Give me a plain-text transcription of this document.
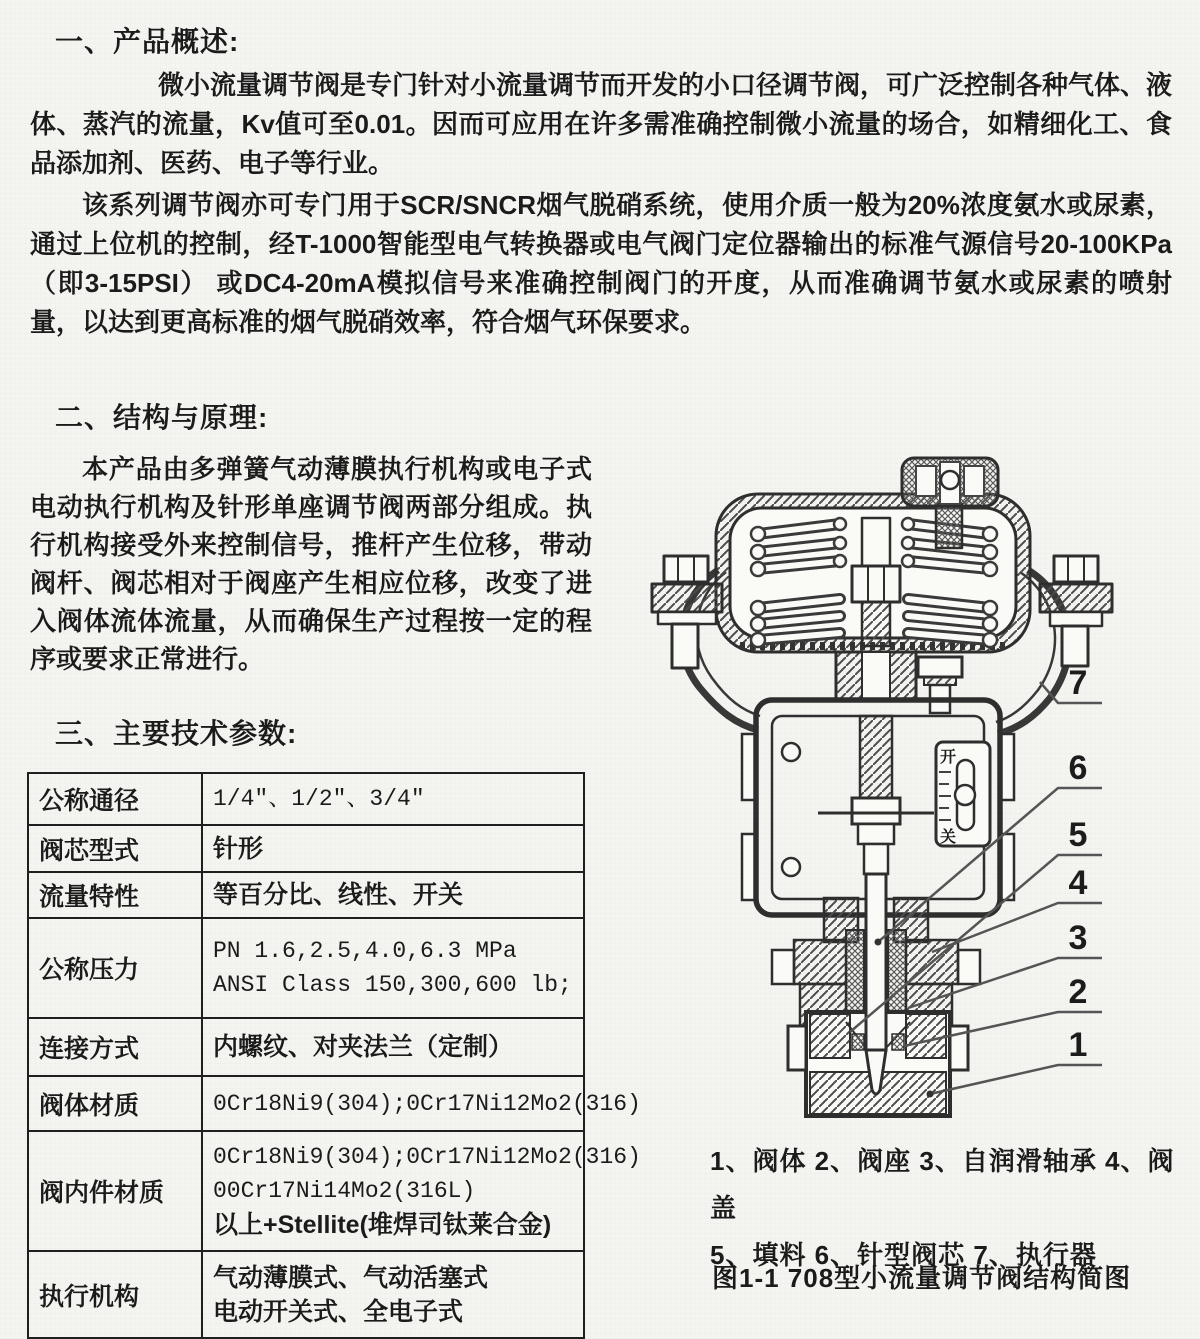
一、产品概述:
微小流量调节阀是专门针对小流量调节而开发的小口径调节阀，可广泛控制各种气体、液体、蒸汽的流量，Kv值可至0.01。因而可应用在许多需准确控制微小流量的场合，如精细化工、食品添加剂、医药、电子等行业。
该系列调节阀亦可专门用于SCR/SNCR烟气脱硝系统，使用介质一般为20%浓度氨水或尿素，通过上位机的控制，经T-1000智能型电气转换器或电气阀门定位器输出的标准气源信号20-100KPa （即3-15PSI） 或DC4-20mA模拟信号来准确控制阀门的开度，从而准确调节氨水或尿素的喷射量，以达到更高标准的烟气脱硝效率，符合烟气环保要求。
二、结构与原理:
本产品由多弹簧气动薄膜执行机构或电子式电动执行机构及针形单座调节阀两部分组成。执行机构接受外来控制信号，推杆产生位移，带动阀杆、阀芯相对于阀座产生相应位移，改变了进入阀体流体流量，从而确保生产过程按一定的程序或要求正常进行。
三、主要技术参数:
公称通径	1/4"、1/2"、3/4"

阀芯型式	针形

流量特性	等百分比、线性、开关

公称压力	PN 1.6,2.5,4.0,6.3 MPa
ANSI Class 150,300,600 lb;

连接方式	内螺纹、对夹法兰（定制）

阀体材质	0Cr18Ni9(304);0Cr17Ni12Mo2(316)

阀内件材质	0Cr18Ni9(304);0Cr17Ni12Mo2(316)
00Cr17Ni14Mo2(316L)
以上+Stellite(堆焊司钛莱合金)

执行机构	气动薄膜式、气动活塞式
电动开关式、全电子式
开
关
7
6
5
4
3
2
1
1、阀体 2、阀座 3、自润滑轴承 4、阀盖
5、填料 6、针型阀芯 7、执行器
图1-1 708型小流量调节阀结构简图
